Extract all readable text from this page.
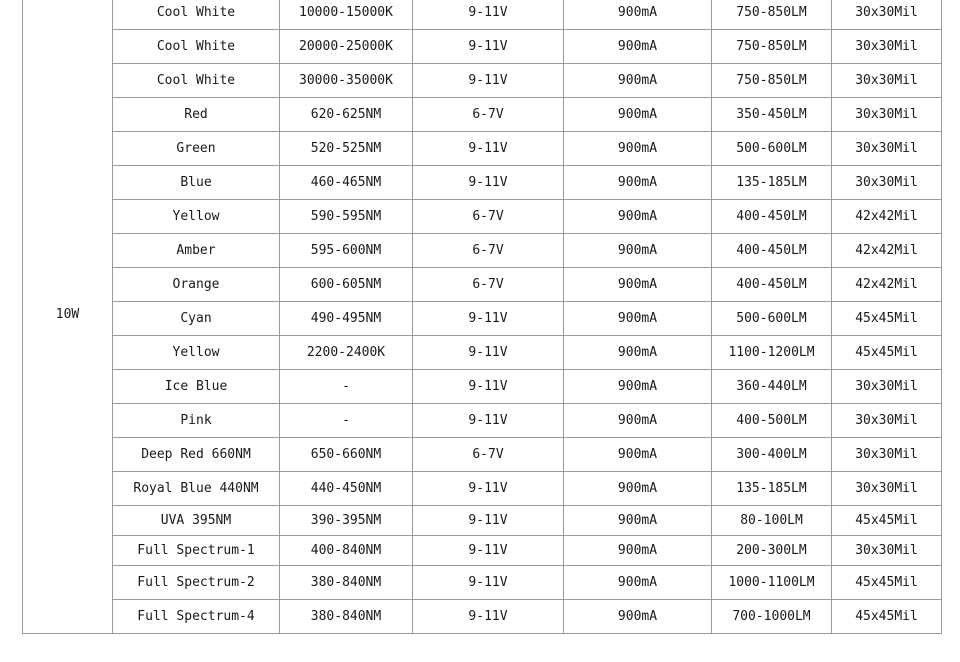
10W	Cool White	10000-15000K	9-11V	900mA	750-850LM	30x30Mil
	Cool White	20000-25000K	9-11V	900mA	750-850LM	30x30Mil
	Cool White	30000-35000K	9-11V	900mA	750-850LM	30x30Mil
	Red	620-625NM	6-7V	900mA	350-450LM	30x30Mil
	Green	520-525NM	9-11V	900mA	500-600LM	30x30Mil
	Blue	460-465NM	9-11V	900mA	135-185LM	30x30Mil
	Yellow	590-595NM	6-7V	900mA	400-450LM	42x42Mil
	Amber	595-600NM	6-7V	900mA	400-450LM	42x42Mil
	Orange	600-605NM	6-7V	900mA	400-450LM	42x42Mil
	Cyan	490-495NM	9-11V	900mA	500-600LM	45x45Mil
	Yellow	2200-2400K	9-11V	900mA	1100-1200LM	45x45Mil
	Ice Blue	-	9-11V	900mA	360-440LM	30x30Mil
	Pink	-	9-11V	900mA	400-500LM	30x30Mil
	Deep Red 660NM	650-660NM	6-7V	900mA	300-400LM	30x30Mil
	Royal Blue 440NM	440-450NM	9-11V	900mA	135-185LM	30x30Mil
	UVA 395NM	390-395NM	9-11V	900mA	80-100LM	45x45Mil
	Full Spectrum-1	400-840NM	9-11V	900mA	200-300LM	30x30Mil
	Full Spectrum-2	380-840NM	9-11V	900mA	1000-1100LM	45x45Mil
	Full Spectrum-4	380-840NM	9-11V	900mA	700-1000LM	45x45Mil
